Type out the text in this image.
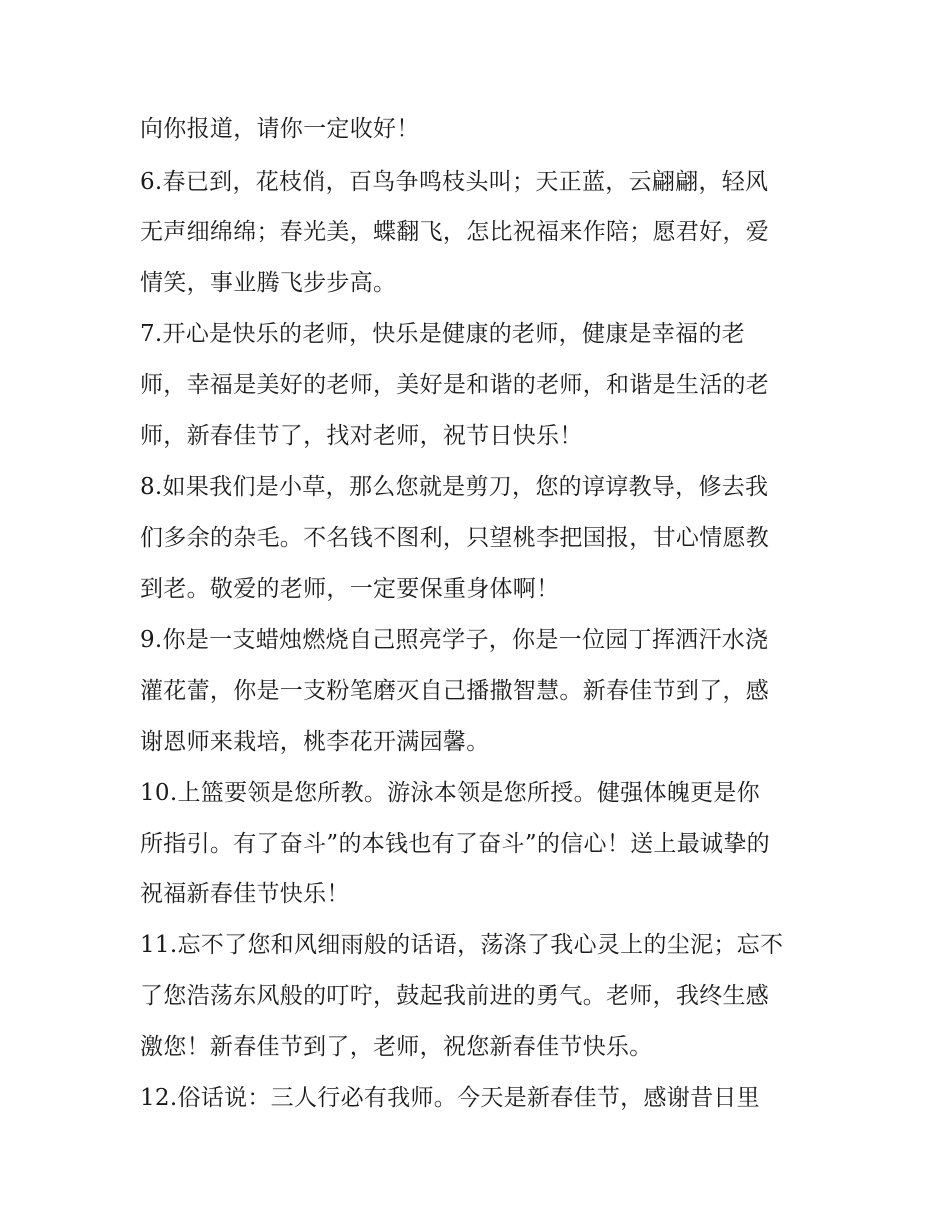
向你报道，请你一定收好！
6.春已到，花枝俏，百鸟争鸣枝头叫；天正蓝，云翩翩，轻风
无声细绵绵；春光美，蝶翻飞，怎比祝福来作陪；愿君好，爱
情笑，事业腾飞步步高。
7.开心是快乐的老师，快乐是健康的老师，健康是幸福的老
师，幸福是美好的老师，美好是和谐的老师，和谐是生活的老
师，新春佳节了，找对老师，祝节日快乐！
8.如果我们是小草，那么您就是剪刀，您的谆谆教导，修去我
们多余的杂毛。不名钱不图利，只望桃李把国报，甘心情愿教
到老。敬爱的老师，一定要保重身体啊！
9.你是一支蜡烛燃烧自己照亮学子，你是一位园丁挥洒汗水浇
灌花蕾，你是一支粉笔磨灭自己播撒智慧。新春佳节到了，感
谢恩师来栽培，桃李花开满园馨。
10.上篮要领是您所教。游泳本领是您所授。健强体魄更是你
所指引。有了奋斗”的本钱也有了奋斗”的信心！送上最诚挚的
祝福新春佳节快乐！
11.忘不了您和风细雨般的话语，荡涤了我心灵上的尘泥；忘不
了您浩荡东风般的叮咛，鼓起我前进的勇气。老师，我终生感
激您！新春佳节到了，老师，祝您新春佳节快乐。
12.俗话说：三人行必有我师。今天是新春佳节，感谢昔日里
